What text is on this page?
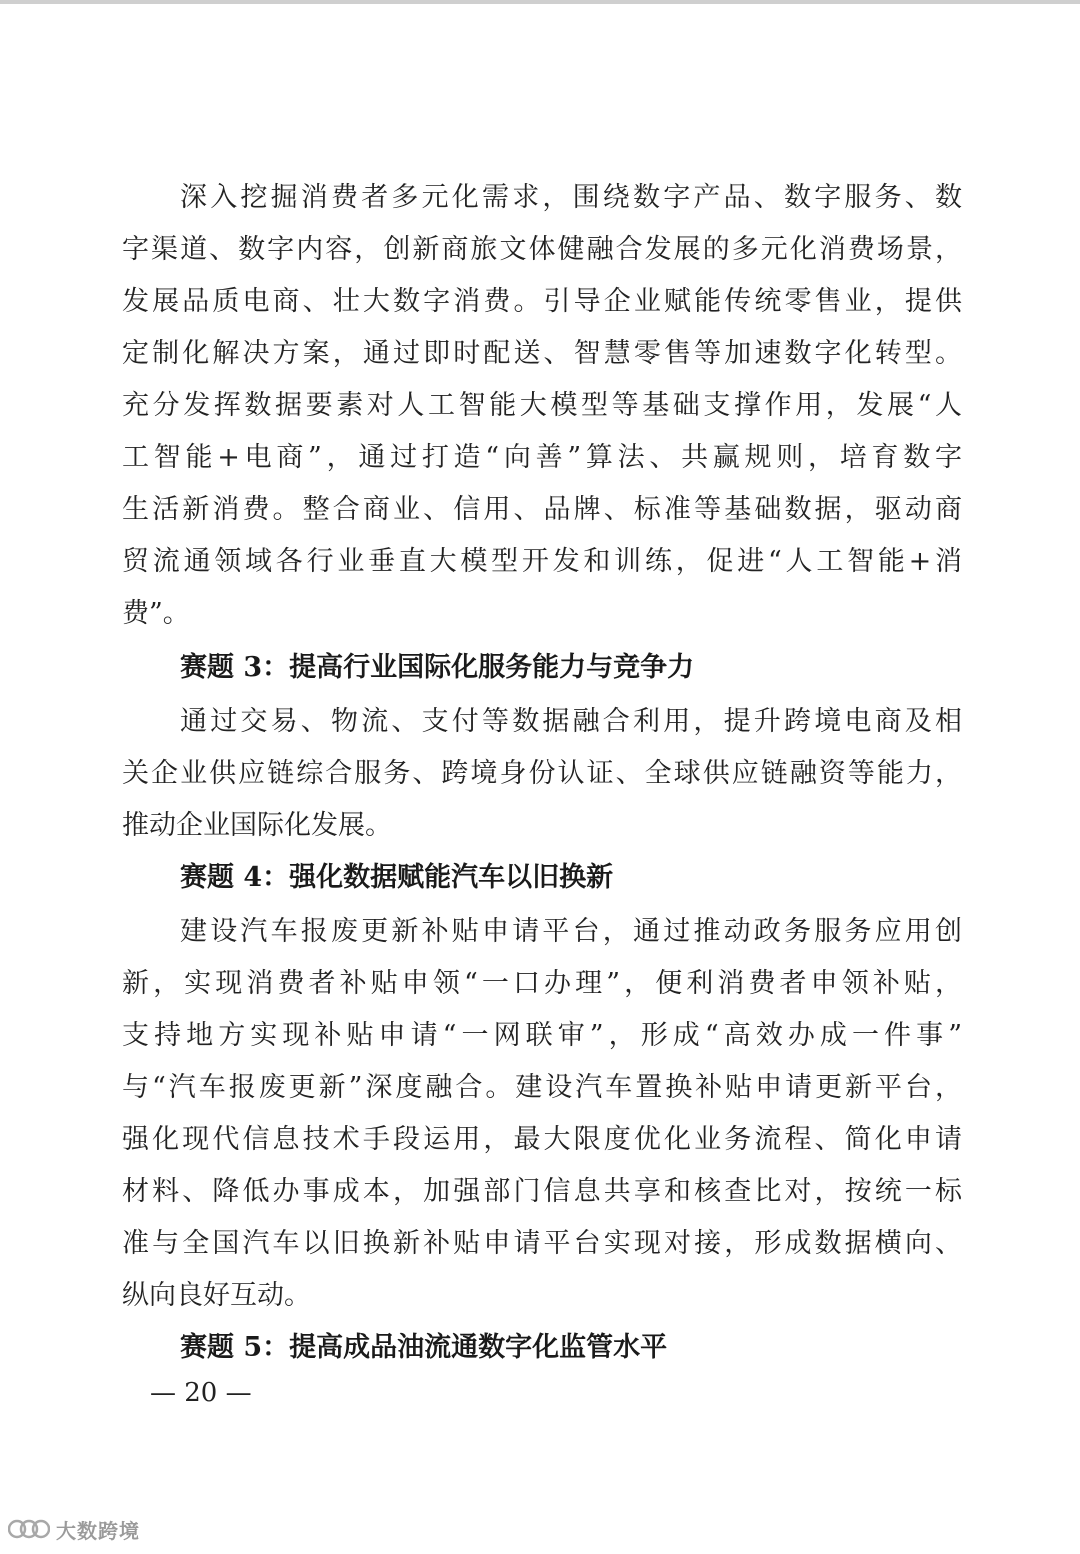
深入挖掘消费者多元化需求，围绕数字产品、数字服务、数
字渠道、数字内容，创新商旅文体健融合发展的多元化消费场景，
发展品质电商、壮大数字消费。引导企业赋能传统零售业，提供
定制化解决方案，通过即时配送、智慧零售等加速数字化转型。
充分发挥数据要素对人工智能大模型等基础支撑作用，发展“人
工智能+电商”，通过打造“向善”算法、共赢规则，培育数字
生活新消费。整合商业、信用、品牌、标准等基础数据，驱动商
贸流通领域各行业垂直大模型开发和训练，促进“人工智能+消
费”。
赛题 3：提高行业国际化服务能力与竞争力
通过交易、物流、支付等数据融合利用，提升跨境电商及相
关企业供应链综合服务、跨境身份认证、全球供应链融资等能力，
推动企业国际化发展。
赛题 4：强化数据赋能汽车以旧换新
建设汽车报废更新补贴申请平台，通过推动政务服务应用创
新，实现消费者补贴申领“一口办理”，便利消费者申领补贴，
支持地方实现补贴申请“一网联审”，形成“高效办成一件事”
与“汽车报废更新”深度融合。建设汽车置换补贴申请更新平台，
强化现代信息技术手段运用，最大限度优化业务流程、简化申请
材料、降低办事成本，加强部门信息共享和核查比对，按统一标
准与全国汽车以旧换新补贴申请平台实现对接，形成数据横向、
纵向良好互动。
赛题 5：提高成品油流通数字化监管水平
— 20 —
大数跨境
